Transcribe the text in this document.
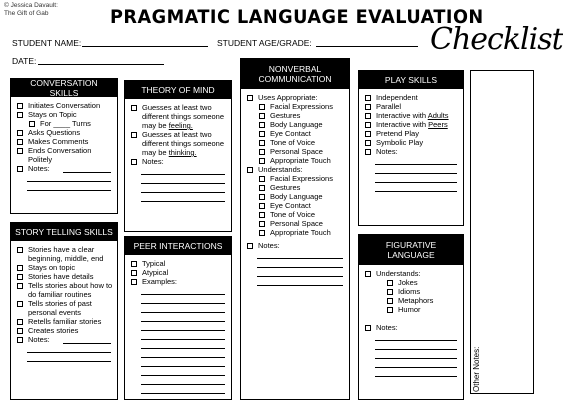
© Jessica Davault:
The Gift of Gab	PRAGMATIC LANGUAGE EVALUATION
Checklist
STUDENT NAME:	STUDENT AGE/GRADE:
DATE:
CONVERSATION SKILLS
Initiates Conversation
Stays on Topic
For ____ Turns
Asks Questions
Makes Comments
Ends Conversation Politely
Notes:
THEORY OF MIND
Guesses at least two different things someone may be feeling.
Guesses at least two different things someone may be thinking.
Notes:
NONVERBAL
COMMUNICATION
Uses Appropriate:
Facial Expressions
Gestures
Body Language
Eye Contact
Tone of Voice
Personal Space
Appropriate Touch
Understands:
Facial Expressions
Gestures
Body Language
Eye Contact
Tone of Voice
Personal Space
Appropriate Touch
Notes:
PLAY SKILLS
Independent
Parallel
Interactive with Adults
Interactive with Peers
Pretend Play
Symbolic Play
Notes:
STORY TELLING SKILLS
Stories have a clear beginning, middle, end
Stays on topic
Stories have details
Tells stories about how to do familiar routines
Tells stories of past personal events
Retells familiar stories
Creates stories
Notes:
PEER INTERACTIONS
Typical
Atypical
Examples:
FIGURATIVE
LANGUAGE
Understands:
Jokes
Idioms
Metaphors
Humor
Notes:
Other Notes:
